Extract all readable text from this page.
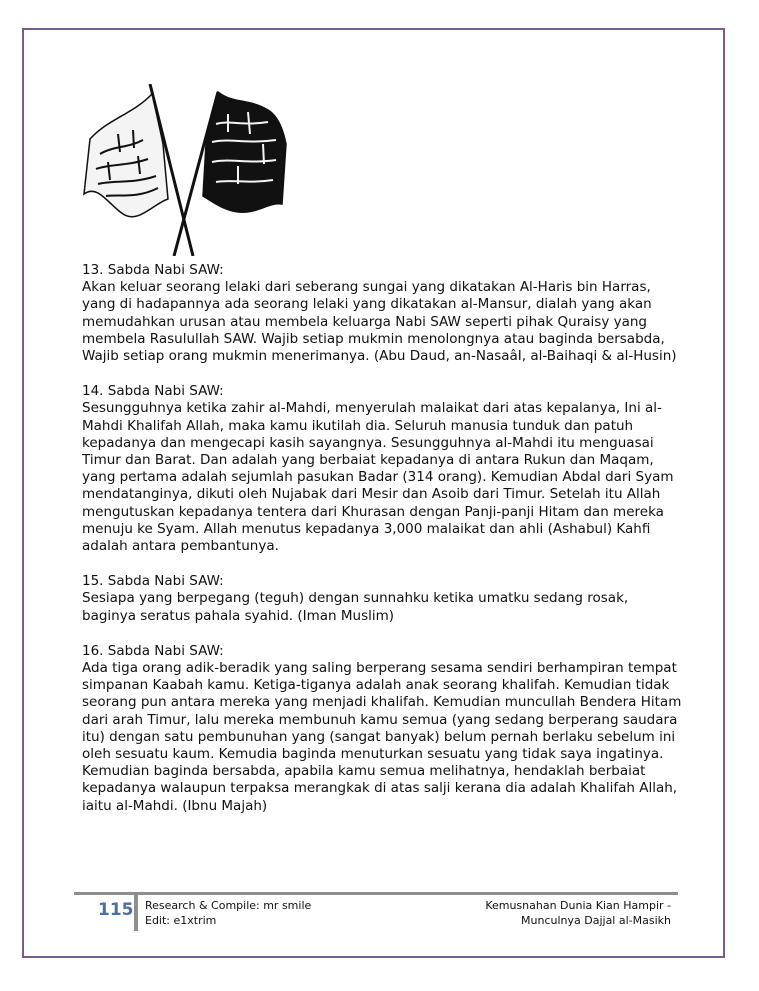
13. Sabda Nabi SAW:

Akan keluar seorang lelaki dari seberang sungai yang dikatakan Al-Haris bin Harras, yang di hadapannya ada seorang lelaki yang dikatakan al-Mansur, dialah yang akan memudahkan urusan atau membela keluarga Nabi SAW seperti pihak Quraisy yang membela Rasulullah SAW. Wajib setiap mukmin menolongnya atau baginda bersabda, Wajib setiap orang mukmin menerimanya. (Abu Daud, an-NasaâI, al-Baihaqi & al-Husin)

14. Sabda Nabi SAW:

Sesungguhnya ketika zahir al-Mahdi, menyerulah malaikat dari atas kepalanya, Ini al-Mahdi Khalifah Allah, maka kamu ikutilah dia. Seluruh manusia tunduk dan patuh kepadanya dan mengecapi kasih sayangnya. Sesungguhnya al-Mahdi itu menguasai Timur dan Barat. Dan adalah yang berbaiat kepadanya di antara Rukun dan Maqam, yang pertama adalah sejumlah pasukan Badar (314 orang). Kemudian Abdal dari Syam mendatanginya, dikuti oleh Nujabak dari Mesir dan Asoib dari Timur. Setelah itu Allah mengutuskan kepadanya tentera dari Khurasan dengan Panji-panji Hitam dan mereka menuju ke Syam. Allah menutus kepadanya 3,000 malaikat dan ahli (Ashabul) Kahfi adalah antara pembantunya.

15. Sabda Nabi SAW:

Sesiapa yang berpegang (teguh) dengan sunnahku ketika umatku sedang rosak, baginya seratus pahala syahid. (Iman Muslim)

16. Sabda Nabi SAW:

Ada tiga orang adik-beradik yang saling berperang sesama sendiri berhampiran tempat simpanan Kaabah kamu. Ketiga-tiganya adalah anak seorang khalifah. Kemudian tidak seorang pun antara mereka yang menjadi khalifah. Kemudian muncullah Bendera Hitam dari arah Timur, lalu mereka membunuh kamu semua (yang sedang berperang saudara itu) dengan satu pembunuhan yang (sangat banyak) belum pernah berlaku sebelum ini oleh sesuatu kaum. Kemudia baginda menuturkan sesuatu yang tidak saya ingatinya. Kemudian baginda bersabda, apabila kamu semua melihatnya, hendaklah berbaiat kepadanya walaupun terpaksa merangkak di atas salji kerana dia adalah Khalifah Allah, iaitu al-Mahdi. (Ibnu Majah)

115 Research & Compile: mr smile
Edit: e1xtrim
Kemusnahan Dunia Kian Hampir -
Munculnya Dajjal al-Masikh
